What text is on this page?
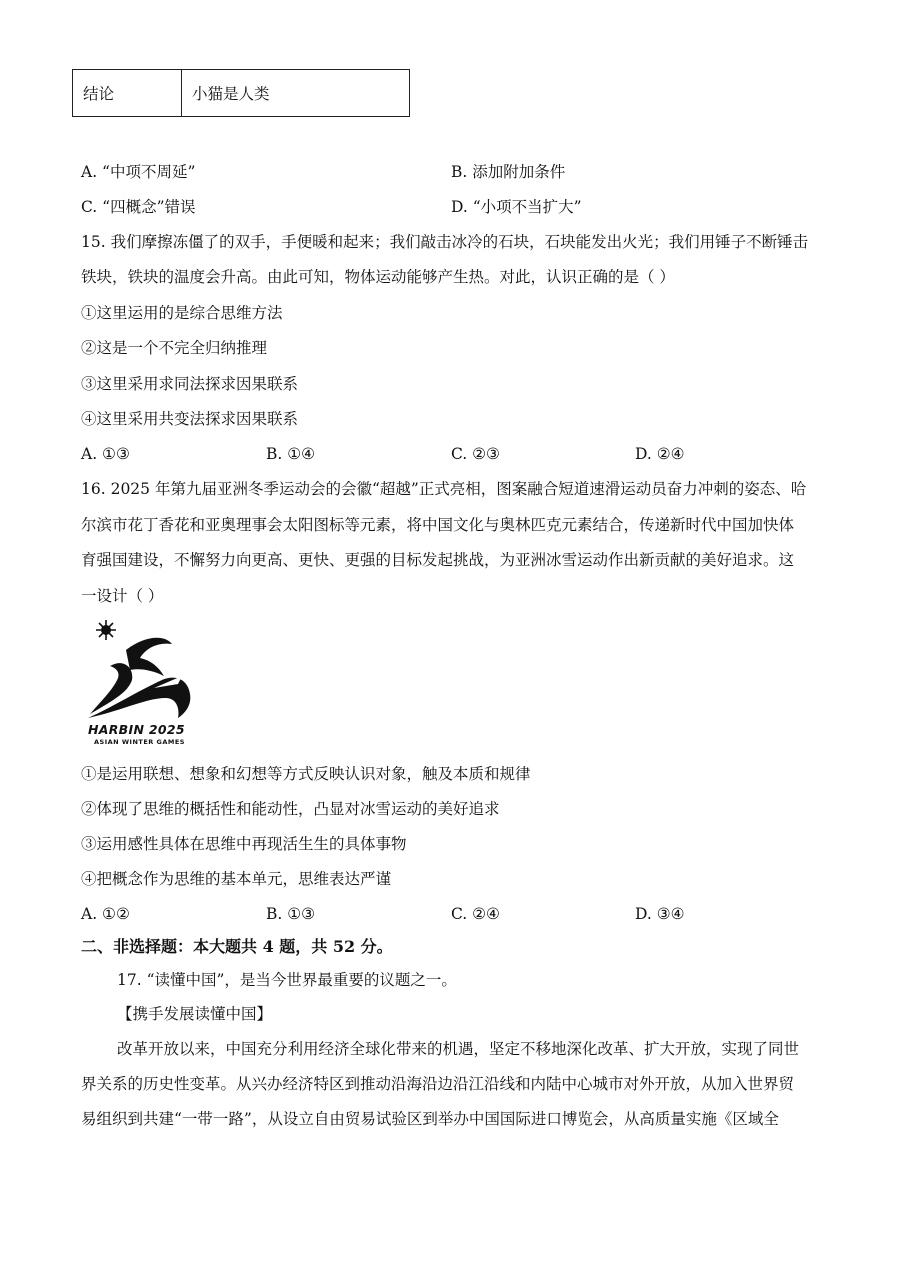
结论	小猫是人类
A. “中项不周延”	B. 添加附加条件
C. “四概念”错误	D. “小项不当扩大”
15. 我们摩擦冻僵了的双手，手便暖和起来；我们敲击冰冷的石块，石块能发出火光；我们用锤子不断锤击
铁块，铁块的温度会升高。由此可知，物体运动能够产生热。对此，认识正确的是（ ）
①这里运用的是综合思维方法
②这是一个不完全归纳推理
③这里采用求同法探求因果联系
④这里采用共变法探求因果联系
A. ①③	B. ①④	C. ②③	D. ②④
16. 2025 年第九届亚洲冬季运动会的会徽“超越”正式亮相，图案融合短道速滑运动员奋力冲刺的姿态、哈
尔滨市花丁香花和亚奥理事会太阳图标等元素，将中国文化与奥林匹克元素结合，传递新时代中国加快体
育强国建设，不懈努力向更高、更快、更强的目标发起挑战，为亚洲冰雪运动作出新贡献的美好追求。这
一设计（ ）
HARBIN 2025
ASIAN WINTER GAMES
①是运用联想、想象和幻想等方式反映认识对象，触及本质和规律
②体现了思维的概括性和能动性，凸显对冰雪运动的美好追求
③运用感性具体在思维中再现活生生的具体事物
④把概念作为思维的基本单元，思维表达严谨
A. ①②	B. ①③	C. ②④	D. ③④
二、非选择题：本大题共 4 题，共 52 分。
17. “读懂中国”，是当今世界最重要的议题之一。
【携手发展读懂中国】
改革开放以来，中国充分利用经济全球化带来的机遇，坚定不移地深化改革、扩大开放，实现了同世
界关系的历史性变革。从兴办经济特区到推动沿海沿边沿江沿线和内陆中心城市对外开放，从加入世界贸
易组织到共建“一带一路”，从设立自由贸易试验区到举办中国国际进口博览会，从高质量实施《区域全
